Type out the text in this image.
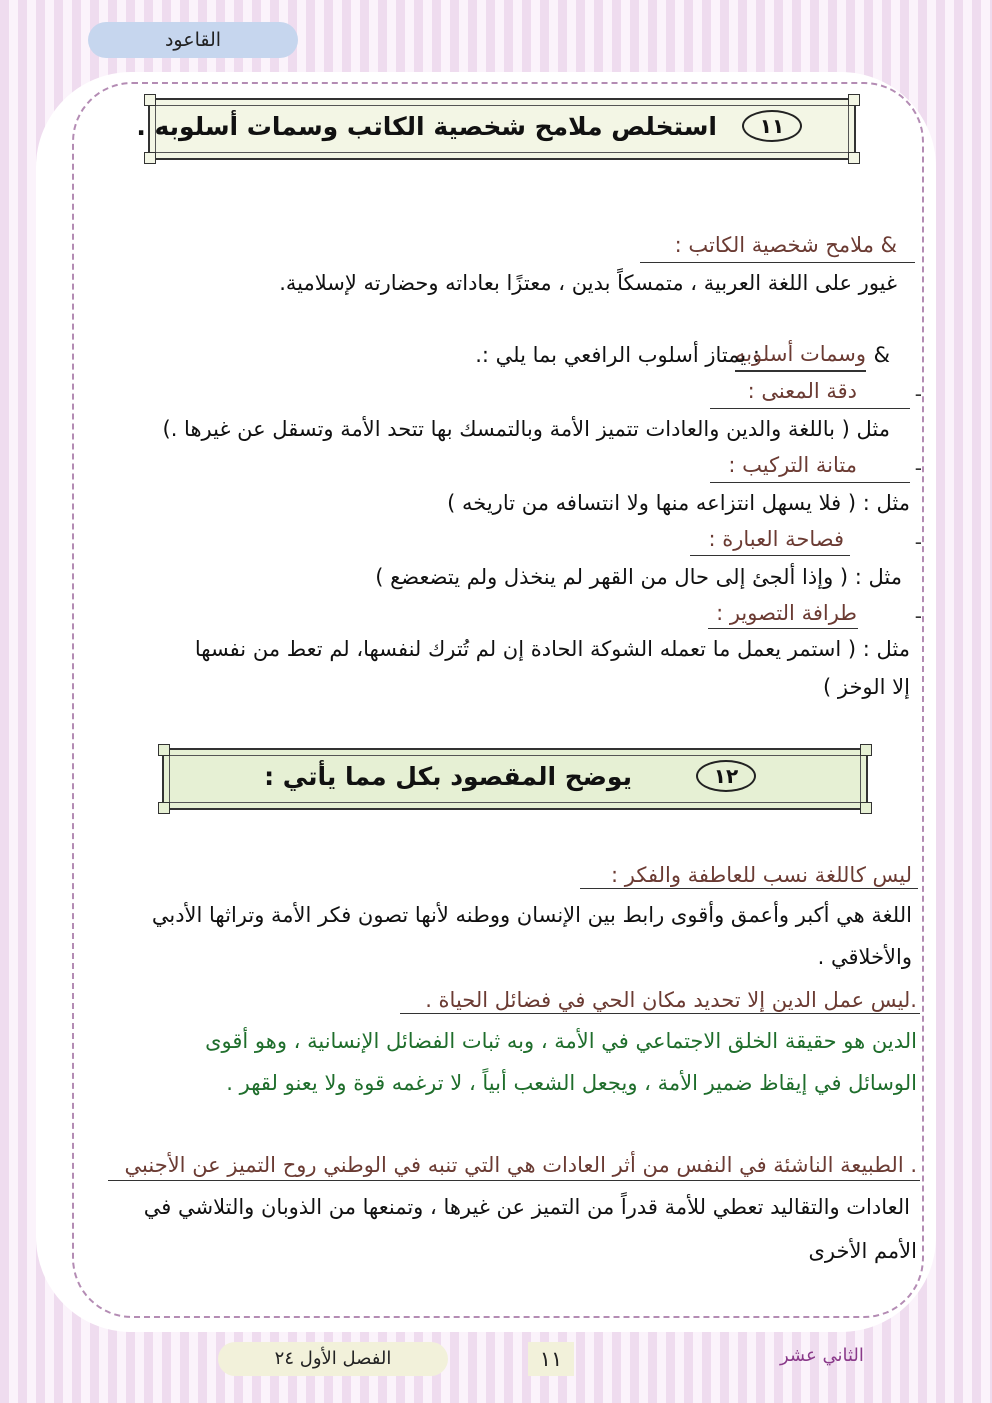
القاعود
١١
استخلص ملامح شخصية الكاتب وسمات أسلوبه .
& ملامح شخصية الكاتب :
غيور على اللغة العربية ، متمسكاً بدين ، معتزًا بعاداته وحضارته لإسلامية.
&
وسمات أسلوبه
: يمتاز أسلوب الرافعي بما يلي :.
-
دقة المعنى :
مثل ( باللغة والدين والعادات تتميز الأمة وبالتمسك بها تتحد الأمة وتسقل عن غيرها .)
-
متانة التركيب :
مثل : ( فلا يسهل انتزاعه منها ولا انتسافه من تاريخه )
-
فصاحة العبارة :
مثل : ( وإذا ألجئ إلى حال من القهر لم ينخذل ولم يتضعضع )
-
طرافة التصوير :
مثل : ( استمر يعمل ما تعمله الشوكة الحادة إن لم تُترك لنفسها، لم تعط من نفسها
إلا الوخز )
١٢
يوضح المقصود بكل مما يأتي :
ليس كاللغة نسب للعاطفة والفكر :
اللغة هي أكبر وأعمق وأقوى رابط بين الإنسان ووطنه لأنها تصون فكر الأمة وتراثها الأدبي
والأخلاقي .
.ليس عمل الدين إلا تحديد مكان الحي في فضائل الحياة .
الدين هو حقيقة الخلق الاجتماعي في الأمة ، وبه ثبات الفضائل الإنسانية ، وهو أقوى
الوسائل في إيقاظ ضمير الأمة ، ويجعل الشعب أبياً ، لا ترغمه قوة ولا يعنو لقهر .
. الطبيعة الناشئة في النفس من أثر العادات هي التي تنبه في الوطني روح التميز عن الأجنبي
العادات والتقاليد تعطي للأمة قدراً من التميز عن غيرها ، وتمنعها من الذوبان والتلاشي في
الأمم الأخرى
الفصل الأول ٢٤	١١	الثاني عشر
